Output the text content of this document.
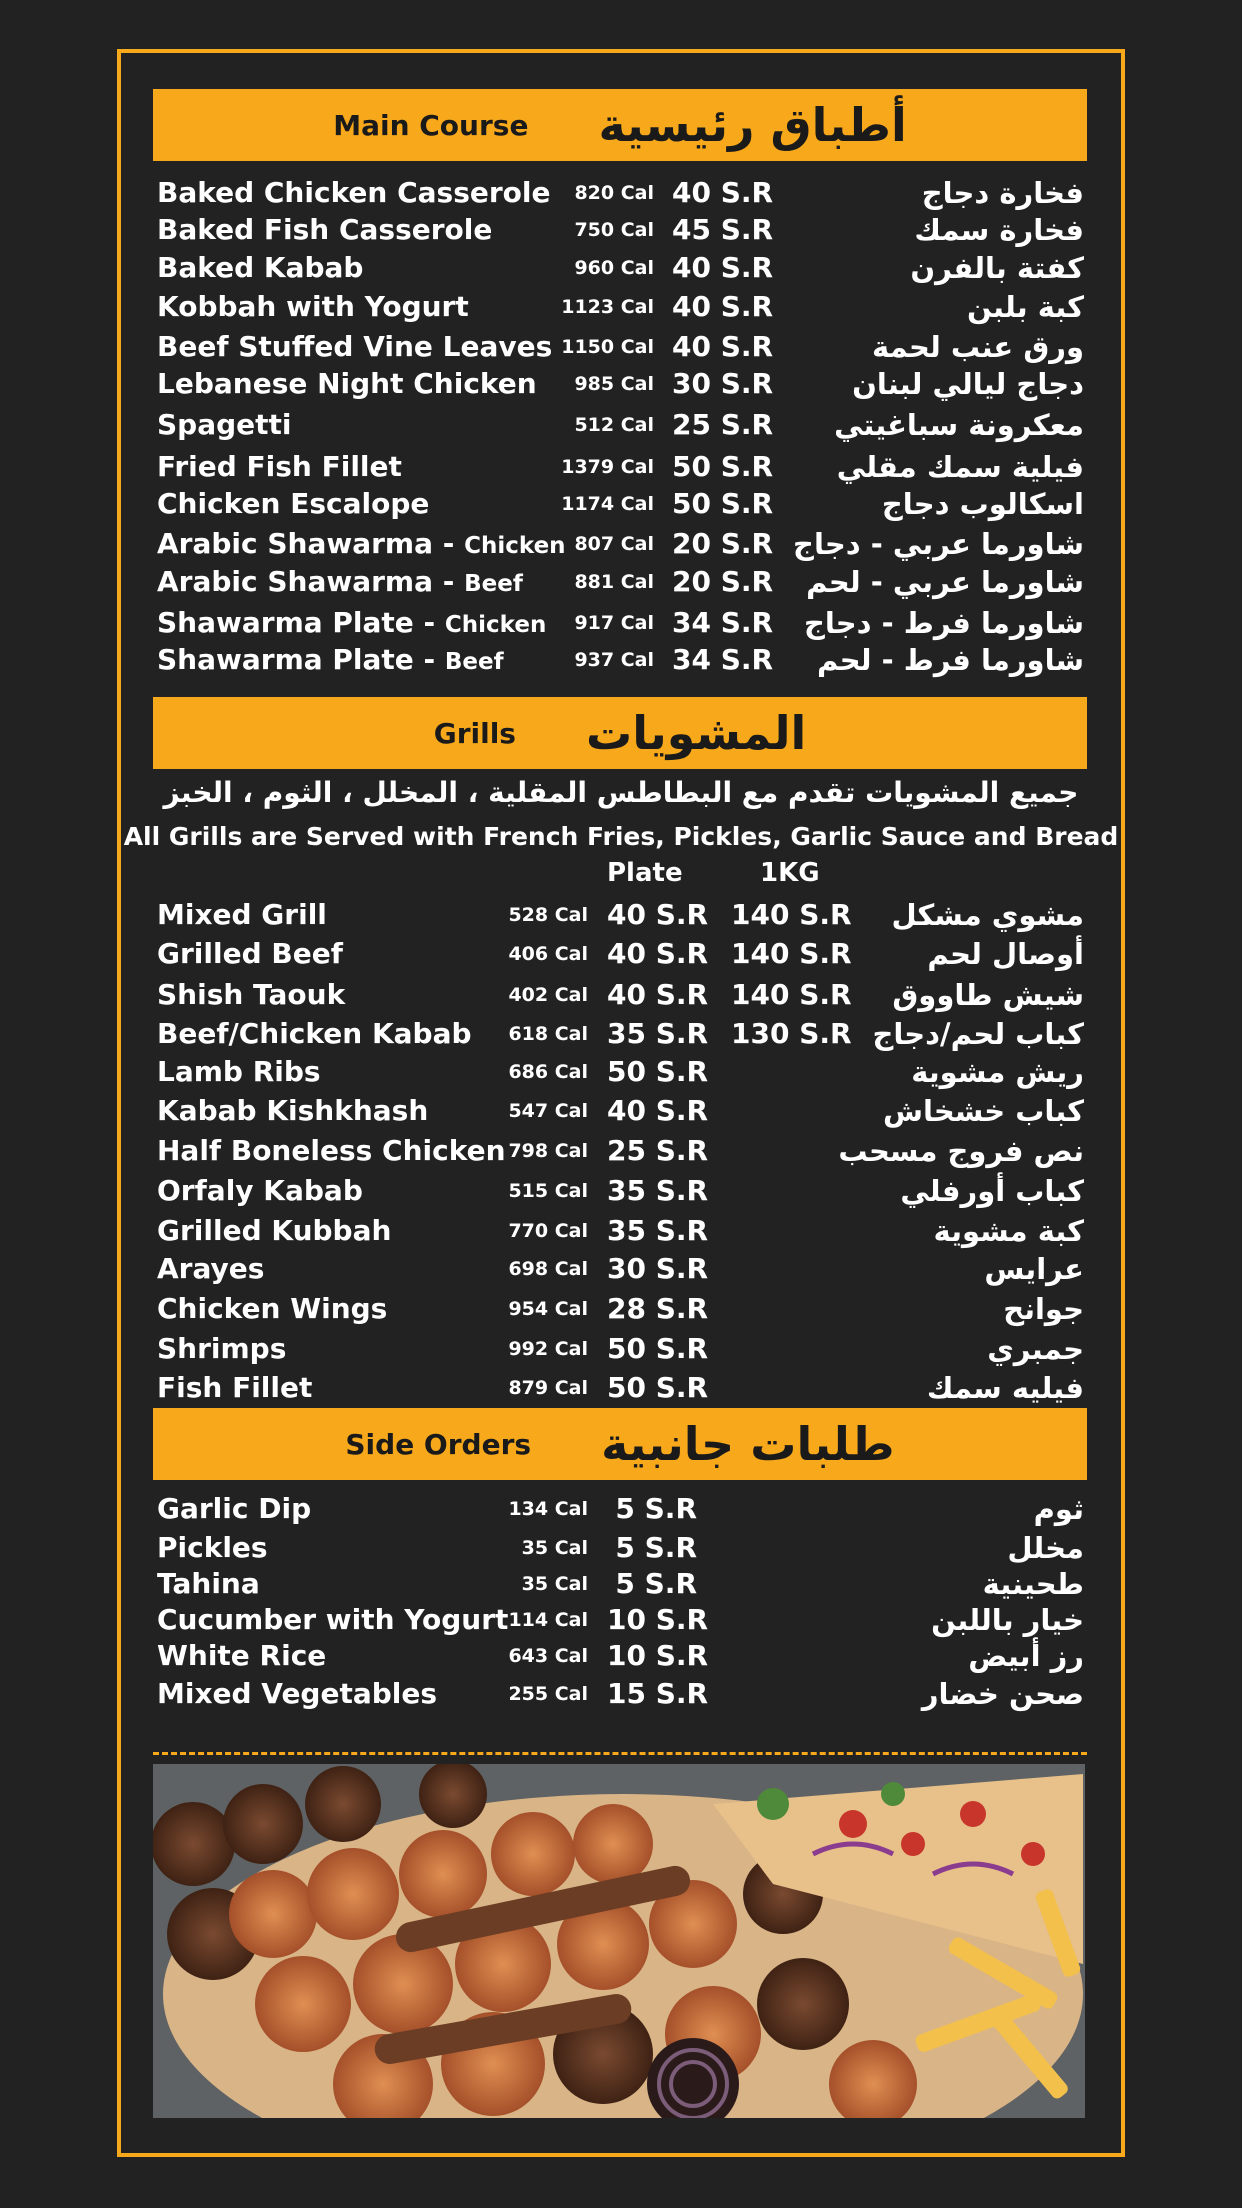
Main Course أطباق رئيسية
Baked Chicken Casserole 820 Cal 40 S.R	فخارة دجاج
Baked Fish Casserole	750 Cal 45 S.R	فخارة سمك
Baked Kabab	960 Cal 40 S.R	كفتة بالفرن
Kobbah with Yogurt	1123 Cal 40 S.R	كبة بلبن
Beef Stuffed Vine Leaves 1150 Cal 40 S.R	ورق عنب لحمة
Lebanese Night Chicken 985 Cal 30 S.R	دجاج ليالي لبنان
Spagetti	512 Cal 25 S.R معكرونة سباغيتي
Fried Fish Fillet	1379 Cal 50 S.R فيلية سمك مقلي
Chicken Escalope	1174 Cal 50 S.R	اسكالوب دجاج
Arabic Shawarma - Chicken 807 Cal 20 S.R شاورما عربي - دجاج
Arabic Shawarma - Beef	881 Cal 20 S.R شاورما عربي - لحم
Shawarma Plate - Chicken 917 Cal 34 S.R شاورما فرط - دجاج
Shawarma Plate - Beef	937 Cal 34 S.R شاورما فرط - لحم
Grills المشويات
جميع المشويات تقدم مع البطاطس المقلية ، المخلل ، الثوم ، الخبز
All Grills are Served with French Fries, Pickles, Garlic Sauce and Bread
Plate	1KG
Mixed Grill	528 Cal 40 S.R 140 S.R مشوي مشكل
Grilled Beef	406 Cal 40 S.R 140 S.R	أوصال لحم
Shish Taouk	402 Cal 40 S.R 140 S.R شيش طاووق
Beef/Chicken Kabab 618 Cal 35 S.R 130 S.R كباب لحم/دجاج
Lamb Ribs	686 Cal 50 S.R	ريش مشوية
Kabab Kishkhash	547 Cal 40 S.R	كباب خشخاش
Half Boneless Chicken 798 Cal 25 S.R	نص فروج مسحب
Orfaly Kabab	515 Cal 35 S.R	كباب أورفلي
Grilled Kubbah	770 Cal 35 S.R	كبة مشوية
Arayes	698 Cal 30 S.R	عرايس
Chicken Wings	954 Cal 28 S.R	جوانح
Shrimps	992 Cal 50 S.R	جمبري
Fish Fillet	879 Cal 50 S.R	فيليه سمك
Side Orders طلبات جانبية
Garlic Dip	134 Cal 5 S.R	ثوم
Pickles	35 Cal 5 S.R	مخلل
Tahina	35 Cal 5 S.R	طحينية
Cucumber with Yogurt 114 Cal 10 S.R	خيار باللبن
White Rice	643 Cal 10 S.R	رز أبيض
Mixed Vegetables	255 Cal 15 S.R	صحن خضار
